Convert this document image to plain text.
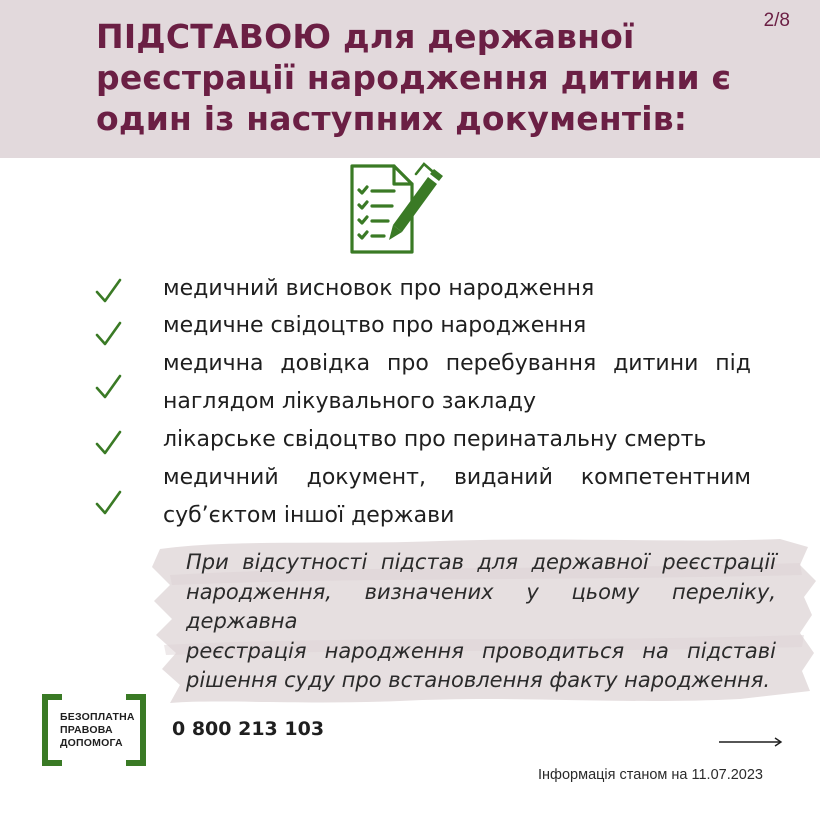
ПІДСТАВОЮ для державної
реєстрації народження дитини є
один із наступних документів:
2/8
медичний висновок про народження
медичне свідоцтво про народження
медична довідка про перебування дитини під
наглядом лікувального закладу
лікарське свідоцтво про перинатальну смерть
медичний документ, виданий компетентним
суб’єктом іншої держави
При відсутності підстав для державної реєстрації
народження, визначених у цьому переліку, державна
реєстрація народження проводиться на підставі
рішення суду про встановлення факту народження.
БЕЗОПЛАТНА
ПРАВОВА
ДОПОМОГА
0 800 213 103
Інформація станом на 11.07.2023
